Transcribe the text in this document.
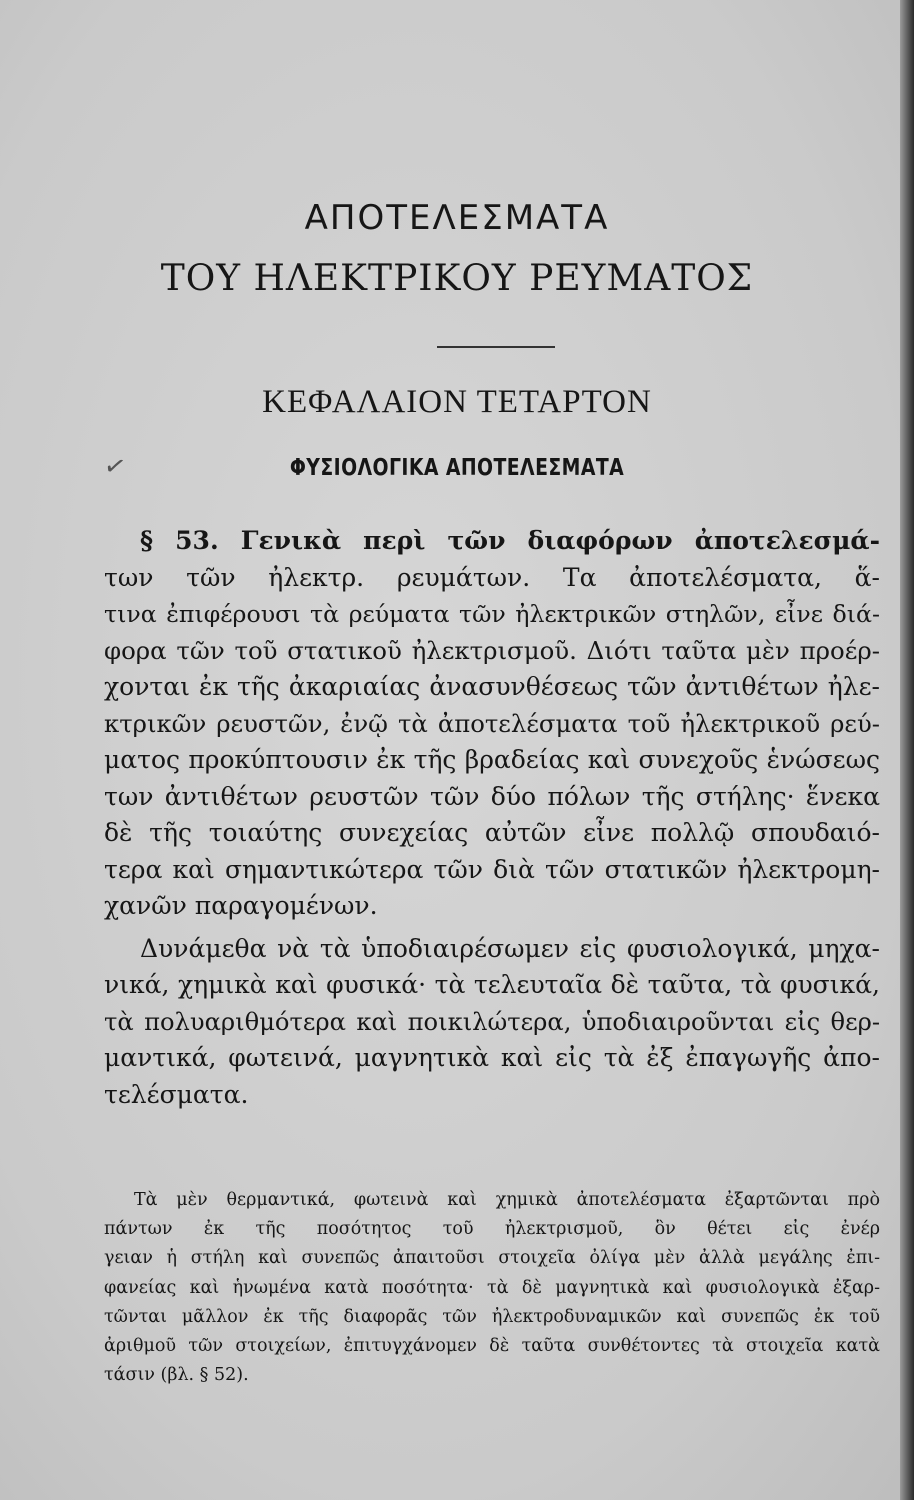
ΑΠΟΤΕΛΕΣΜΑΤΑ
ΤΟΥ ΗΛΕΚΤΡΙΚΟΥ ΡΕΥΜΑΤΟΣ
ΚΕΦΑΛΑΙΟΝ ΤΕΤΑΡΤΟΝ
ΦΥΣΙΟΛΟΓΙΚΑ ΑΠΟΤΕΛΕΣΜΑΤΑ
✓
§ 53. Γενικὰ περὶ τῶν διαφόρων ἀποτελεσμά-
των τῶν ἠλεκτρ. ρευμάτων. Τα ἀποτελέσματα, ἅ-
τινα ἐπιφέρουσι τὰ ρεύματα τῶν ἠλεκτρικῶν στηλῶν, εἶνε διά-
φορα τῶν τοῦ στατικοῦ ἠλεκτρισμοῦ. Διότι ταῦτα μὲν προέρ-
χονται ἐκ τῆς ἀκαριαίας ἀνασυνθέσεως τῶν ἀντιθέτων ἠλε-
κτρικῶν ρευστῶν, ἐνῷ τὰ ἀποτελέσματα τοῦ ἠλεκτρικοῦ ρεύ-
ματος προκύπτουσιν ἐκ τῆς βραδείας καὶ συνεχοῦς ἑνώσεως
των ἀντιθέτων ρευστῶν τῶν δύο πόλων τῆς στήλης· ἕνεκα
δὲ τῆς τοιαύτης συνεχείας αὐτῶν εἶνε πολλῷ σπουδαιό-
τερα καὶ σημαντικώτερα τῶν διὰ τῶν στατικῶν ἠλεκτρομη-
χανῶν παραγομένων.
Δυνάμεθα νὰ τὰ ὑποδιαιρέσωμεν εἰς φυσιολογικά, μηχα-
νικά, χημικὰ καὶ φυσικά· τὰ τελευταῖα δὲ ταῦτα, τὰ φυσικά,
τὰ πολυαριθμότερα καὶ ποικιλώτερα, ὑποδιαιροῦνται εἰς θερ-
μαντικά, φωτεινά, μαγνητικὰ καὶ εἰς τὰ ἐξ ἐπαγωγῆς ἀπο-
τελέσματα.
Τὰ μὲν θερμαντικά, φωτεινὰ καὶ χημικὰ ἀποτελέσματα ἐξαρτῶνται πρὸ
πάντων ἐκ τῆς ποσότητος τοῦ ἠλεκτρισμοῦ, ὃν θέτει εἰς ἐνέρ
γειαν ἡ στήλη καὶ συνεπῶς ἀπαιτοῦσι στοιχεῖα ὀλίγα μὲν ἀλλὰ μεγάλης ἐπι-
φανείας καὶ ἡνωμένα κατὰ ποσότητα· τὰ δὲ μαγνητικὰ καὶ φυσιολογικὰ ἐξαρ-
τῶνται μᾶλλον ἐκ τῆς διαφορᾶς τῶν ἠλεκτροδυναμικῶν καὶ συνεπῶς ἐκ τοῦ
ἀριθμοῦ τῶν στοιχείων, ἐπιτυγχάνομεν δὲ ταῦτα συνθέτοντες τὰ στοιχεῖα κατὰ
τάσιν (βλ. § 52).
